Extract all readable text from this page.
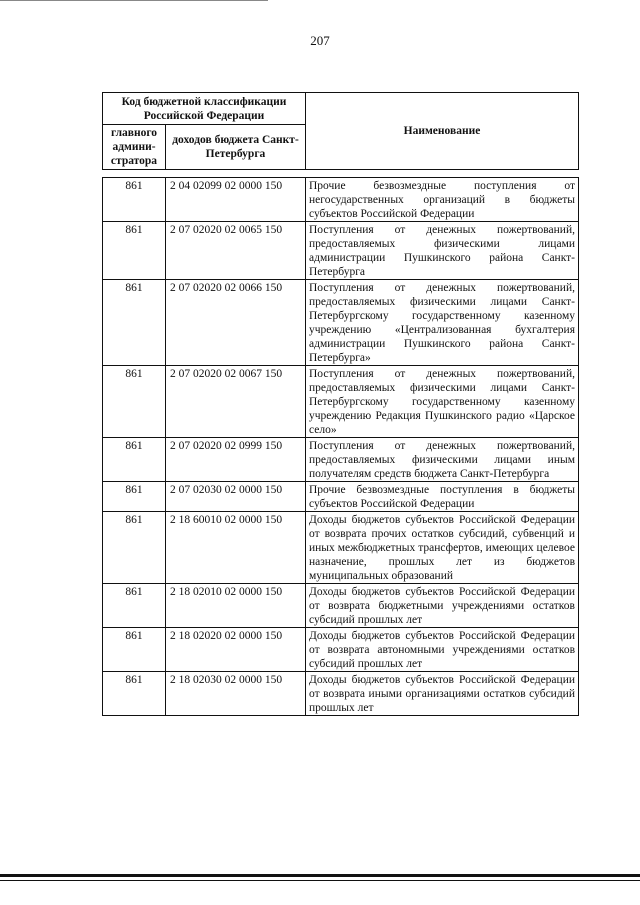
207
Код бюджетной классификации Российской Федерации		Наименование
главного админи-стратора	доходов бюджета Санкт-Петербурга	
861	2 04 02099 02 0000 150	Прочие безвозмездные поступления от негосударственных организаций в бюджеты субъектов Российской Федерации
861	2 07 02020 02 0065 150	Поступления от денежных пожертвований, предоставляемых физическими лицами администрации Пушкинского района Санкт-Петербурга
861	2 07 02020 02 0066 150	Поступления от денежных пожертвований, предоставляемых физическими лицами Санкт-Петербургскому государственному казенному учреждению «Централизованная бухгалтерия администрации Пушкинского района Санкт-Петербурга»
861	2 07 02020 02 0067 150	Поступления от денежных пожертвований, предоставляемых физическими лицами Санкт-Петербургскому государственному казенному учреждению Редакция Пушкинского радио «Царское село»
861	2 07 02020 02 0999 150	Поступления от денежных пожертвований, предоставляемых физическими лицами иным получателям средств бюджета Санкт-Петербурга
861	2 07 02030 02 0000 150	Прочие безвозмездные поступления в бюджеты субъектов Российской Федерации
861	2 18 60010 02 0000 150	Доходы бюджетов субъектов Российской Федерации от возврата прочих остатков субсидий, субвенций и иных межбюджетных трансфертов, имеющих целевое назначение, прошлых лет из бюджетов муниципальных образований
861	2 18 02010 02 0000 150	Доходы бюджетов субъектов Российской Федерации от возврата бюджетными учреждениями остатков субсидий прошлых лет
861	2 18 02020 02 0000 150	Доходы бюджетов субъектов Российской Федерации от возврата автономными учреждениями остатков субсидий прошлых лет
861	2 18 02030 02 0000 150	Доходы бюджетов субъектов Российской Федерации от возврата иными организациями остатков субсидий прошлых лет
